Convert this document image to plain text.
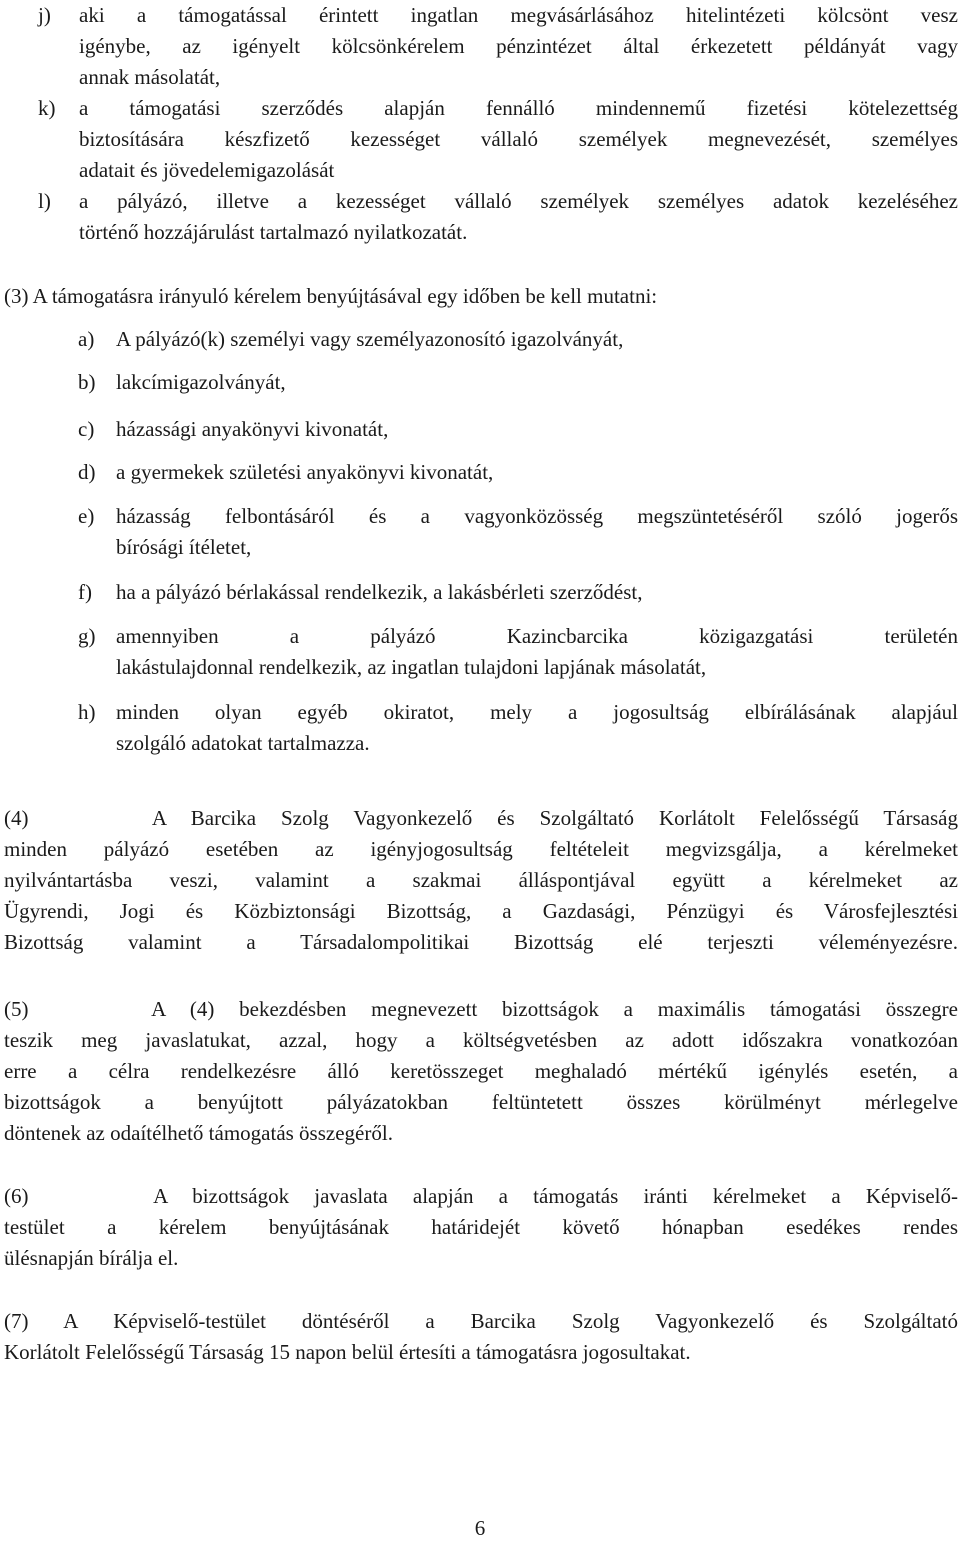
j) aki a támogatással érintett ingatlan megvásárlásához hitelintézeti kölcsönt vesz
igénybe, az igényelt kölcsönkérelem pénzintézet által érkezetett példányát vagy
annak másolatát,
k) a támogatási szerződés alapján fennálló mindennemű fizetési kötelezettség
biztosítására készfizető kezességet vállaló személyek megnevezését, személyes
adatait és jövedelemigazolását
l) a pályázó, illetve a kezességet vállaló személyek személyes adatok kezeléséhez
történő hozzájárulást tartalmazó nyilatkozatát.
(3) A támogatásra irányuló kérelem benyújtásával egy időben be kell mutatni:
a) A pályázó(k) személyi vagy személyazonosító igazolványát,
b) lakcímigazolványát,
c) házassági anyakönyvi kivonatát,
d) a gyermekek születési anyakönyvi kivonatát,
e) házasság felbontásáról és a vagyonközösség megszüntetéséről szóló jogerős
bírósági ítéletet,
f) ha a pályázó bérlakással rendelkezik, a lakásbérleti szerződést,
g) amennyiben a pályázó Kazincbarcika közigazgatási területén
lakástulajdonnal rendelkezik, az ingatlan tulajdoni lapjának másolatát,
h) minden olyan egyéb okiratot, mely a jogosultság elbírálásának alapjául
szolgáló adatokat tartalmazza.
(4)     A Barcika Szolg Vagyonkezelő és Szolgáltató Korlátolt Felelősségű Társaság
minden pályázó esetében az igényjogosultság feltételeit megvizsgálja, a kérelmeket
nyilvántartásba veszi, valamint a szakmai álláspontjával együtt a kérelmeket az
Ügyrendi, Jogi és Közbiztonsági Bizottság, a Gazdasági, Pénzügyi és Városfejlesztési
Bizottság valamint a Társadalompolitikai Bizottság elé terjeszti véleményezésre.
(5)     A (4) bekezdésben megnevezett bizottságok a maximális támogatási összegre
teszik meg javaslatukat, azzal, hogy a költségvetésben az adott időszakra vonatkozóan
erre a célra rendelkezésre álló keretösszeget meghaladó mértékű igénylés esetén, a
bizottságok a benyújtott pályázatokban feltüntetett összes körülményt mérlegelve
döntenek az odaítélhető támogatás összegéről.
(6)     A bizottságok javaslata alapján a támogatás iránti kérelmeket a Képviselő-
testület a kérelem benyújtásának határidejét követő hónapban esedékes rendes
ülésnapján bírálja el.
(7) A Képviselő-testület döntéséről a Barcika Szolg Vagyonkezelő és Szolgáltató
Korlátolt Felelősségű Társaság 15 napon belül értesíti a támogatásra jogosultakat.
6
